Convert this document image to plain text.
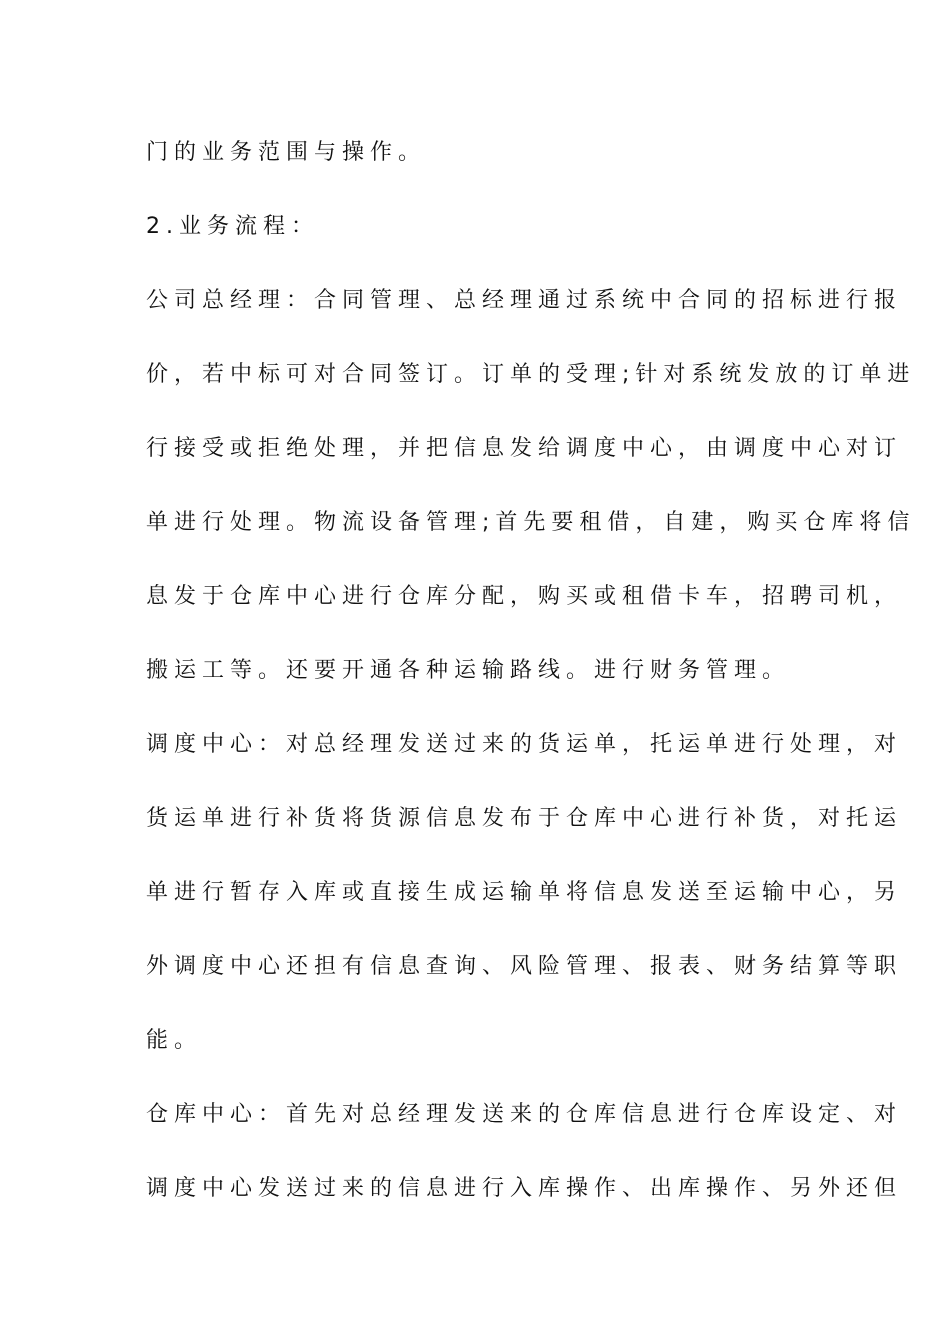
门的业务范围与操作。
2.业务流程：
公司总经理：合同管理、总经理通过系统中合同的招标进行报
价，若中标可对合同签订。订单的受理;针对系统发放的订单进
行接受或拒绝处理，并把信息发给调度中心，由调度中心对订
单进行处理。物流设备管理;首先要租借，自建，购买仓库将信
息发于仓库中心进行仓库分配，购买或租借卡车，招聘司机，
搬运工等。还要开通各种运输路线。进行财务管理。
调度中心：对总经理发送过来的货运单，托运单进行处理，对
货运单进行补货将货源信息发布于仓库中心进行补货，对托运
单进行暂存入库或直接生成运输单将信息发送至运输中心，另
外调度中心还担有信息查询、风险管理、报表、财务结算等职
能。
仓库中心：首先对总经理发送来的仓库信息进行仓库设定、对
调度中心发送过来的信息进行入库操作、出库操作、另外还但
